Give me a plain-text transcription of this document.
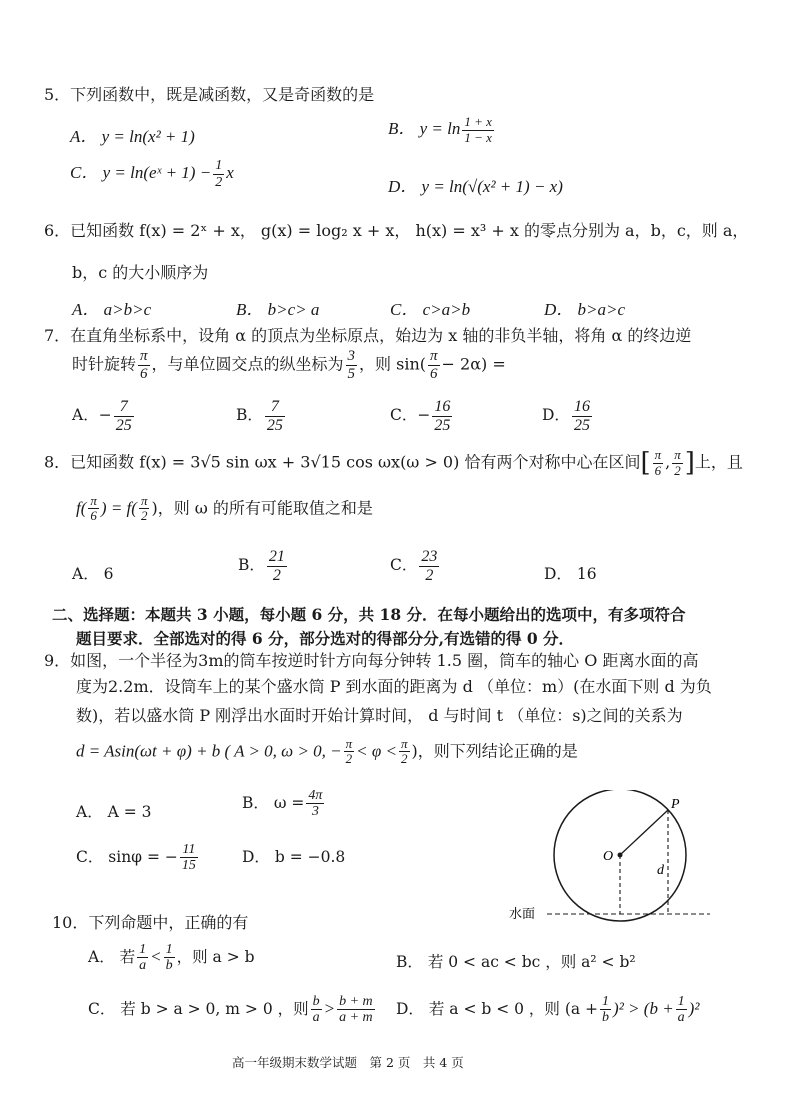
5．下列函数中，既是减函数，又是奇函数的是
A． y = ln(x² + 1)	B． $y = \ln \frac{1 + x}{1 - x}$
C． y = ln(eˣ + $1) - \frac{1}{2}$ x
D． y = ln(√(x² + 1) − x)
6．已知函数 f(x) = 2ˣ + x， g(x) = log₂ x + x， h(x) = x³ + x 的零点分别为 a，b，c，则 a，
b，c 的大小顺序为
A． a>b>c	B． b>c> a	C． c>a>b	D． b>a>c
7．在直角坐标系中，设角 α 的顶点为坐标原点，始边为 x 轴的非负半轴，将角 α 的终边逆
时针旋转 $\frac{\pi}{6}$ ，与单位圆交点的纵坐标为 $\frac{3}{5}$ ，则 $\sin( \frac{\pi}{6} - 2\alpha)$ =
A．− $\frac{7}{25}$	B． $\frac{7}{25}$	C．− $\frac{16}{25}$	D． $\frac{16}{25}$
8．已知函数 f(x) = 3√5 sin ωx + 3√15 cos ωx(ω > 0) 恰有两个对称中心在区间[ $\frac{\pi}{6}$ , $\frac{\pi}{2}$ ]上，且
$f( \frac{\pi}{6}$ ) = $f( \frac{\pi}{2}$ )，则 ω 的所有可能取值之和是
A． 6	B． $\frac{21}{2}$	C． $\frac{23}{2}$	D． 16
二、选择题：本题共 3 小题，每小题 6 分，共 18 分．在每小题给出的选项中，有多项符合
题目要求．全部选对的得 6 分，部分选对的得部分分,有选错的得 0 分．
9．如图，一个半径为3m的筒车按逆时针方向每分钟转 1.5 圈，筒车的轴心 O 距离水面的高
度为2.2m．设筒车上的某个盛水筒 P 到水面的距离为 d （单位：m）(在水面下则 d 为负
数)，若以盛水筒 P 刚浮出水面时开始计算时间， d 与时间 t （单位：s)之间的关系为
d = Asin(ωt + φ) + b ( A > 0, ω > 0, − $\frac{\pi}{2} < \varphi < \frac{\pi}{2}$ )，则下列结论正确的是
A． A = 3
B． $\omega = \frac{4\pi}{3}$
C． sinφ = − $\frac{11}{15}$	D． b = −0.8
P
O
d
水面
10．下列命题中，正确的有
A． 若 $\frac{1}{a} < \frac{1}{b}$ ，则 a > b	B． 若 0 < ac < bc ，则 a² < b²
C． 若 b > a > 0, m > 0 ，则 $\frac{b}{a} > \frac{b + m}{a + m}$ D． 若 a < b < 0 ，则 $(a + \frac{1}{b} )^2 > (b + \frac{1}{a} )^2$
高一年级期末数学试题　第 2 页　共 4 页
